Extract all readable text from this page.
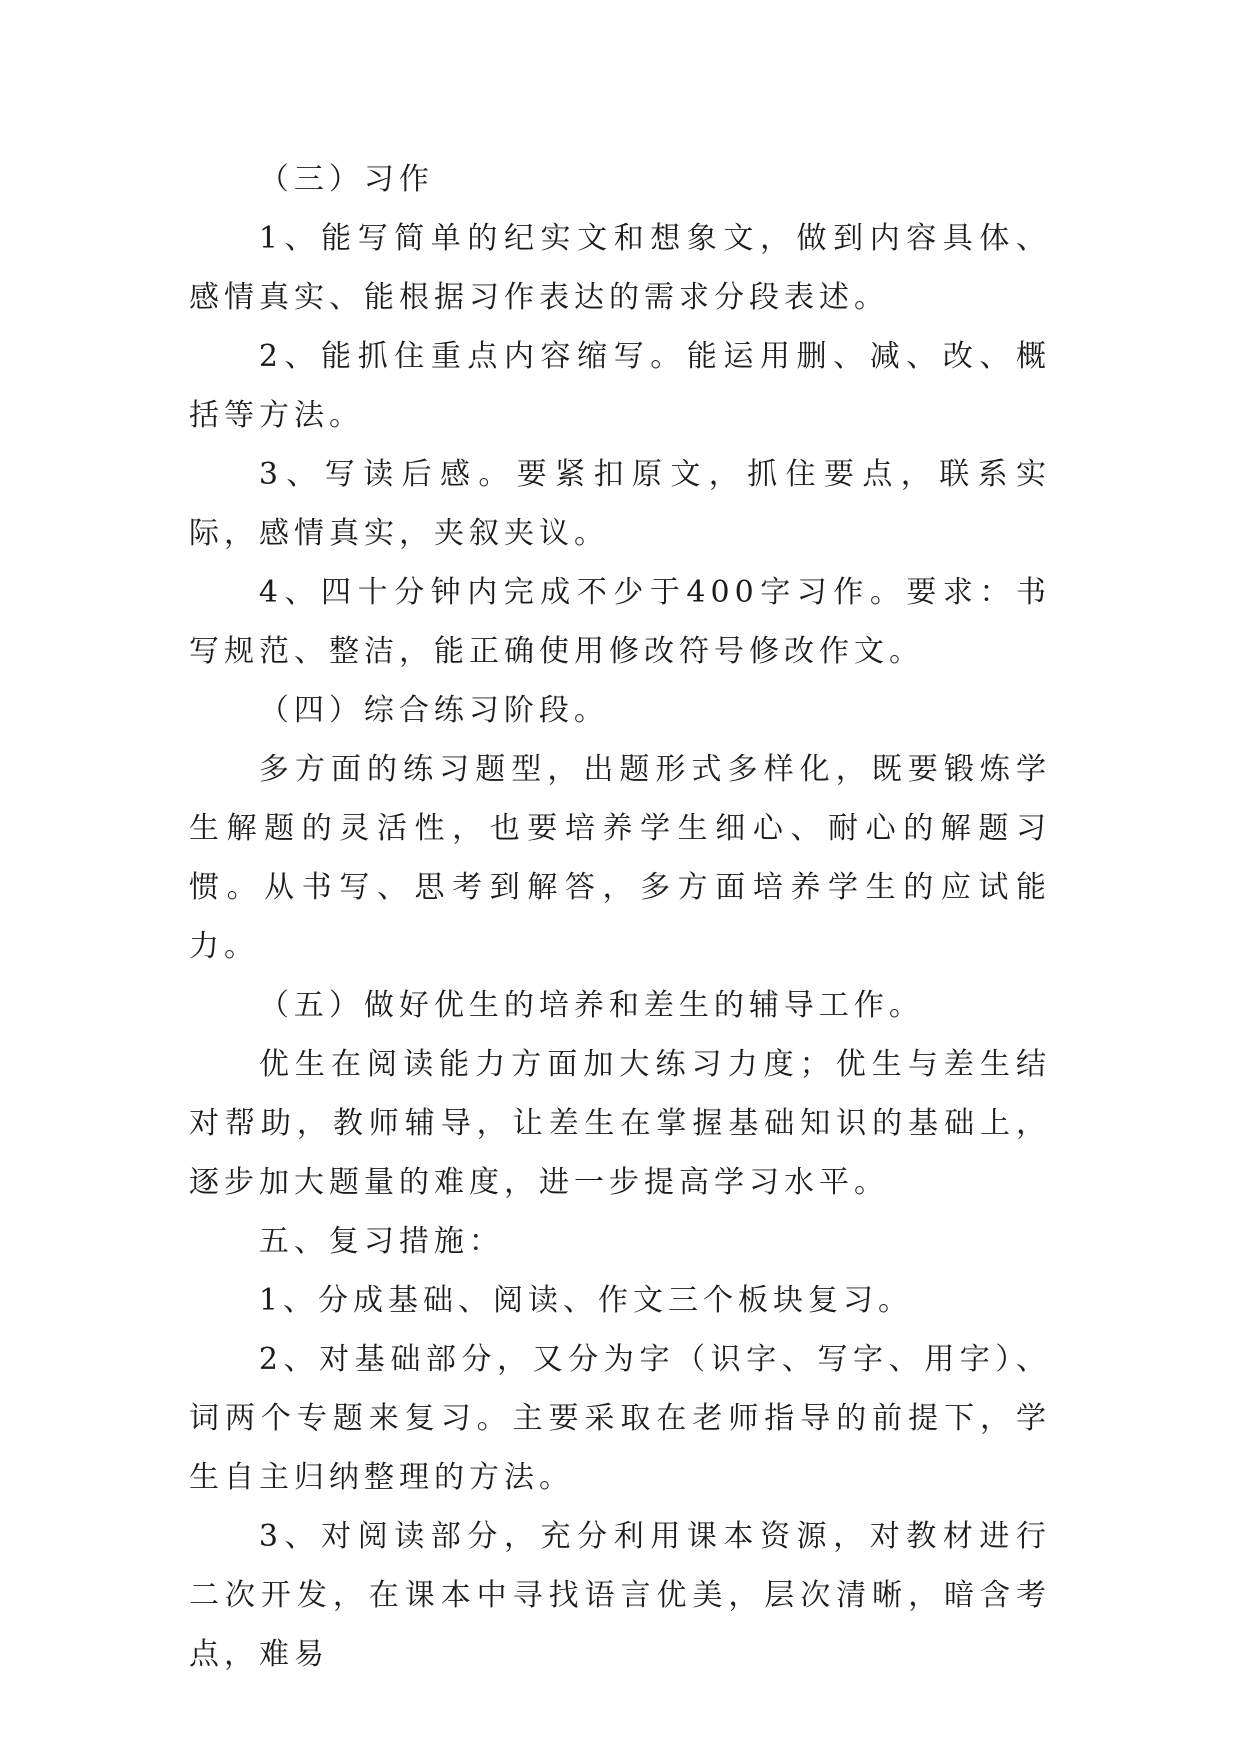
（三）习作

1、能写简单的纪实文和想象文，做到内容具体、感情真实、能根据习作表达的需求分段表述。

2、能抓住重点内容缩写。能运用删、减、改、概括等方法。

3、写读后感。要紧扣原文，抓住要点，联系实际，感情真实，夹叙夹议。

4、四十分钟内完成不少于400字习作。要求：书写规范、整洁，能正确使用修改符号修改作文。

（四）综合练习阶段。

多方面的练习题型，出题形式多样化，既要锻炼学生解题的灵活性，也要培养学生细心、耐心的解题习惯。从书写、思考到解答，多方面培养学生的应试能力。

（五）做好优生的培养和差生的辅导工作。

优生在阅读能力方面加大练习力度；优生与差生结对帮助，教师辅导，让差生在掌握基础知识的基础上，逐步加大题量的难度，进一步提高学习水平。

五、复习措施：

1、分成基础、阅读、作文三个板块复习。

2、对基础部分，又分为字（识字、写字、用字）、词两个专题来复习。主要采取在老师指导的前提下，学生自主归纳整理的方法。

3、对阅读部分，充分利用课本资源，对教材进行二次开发，在课本中寻找语言优美，层次清晰，暗含考点，难易
